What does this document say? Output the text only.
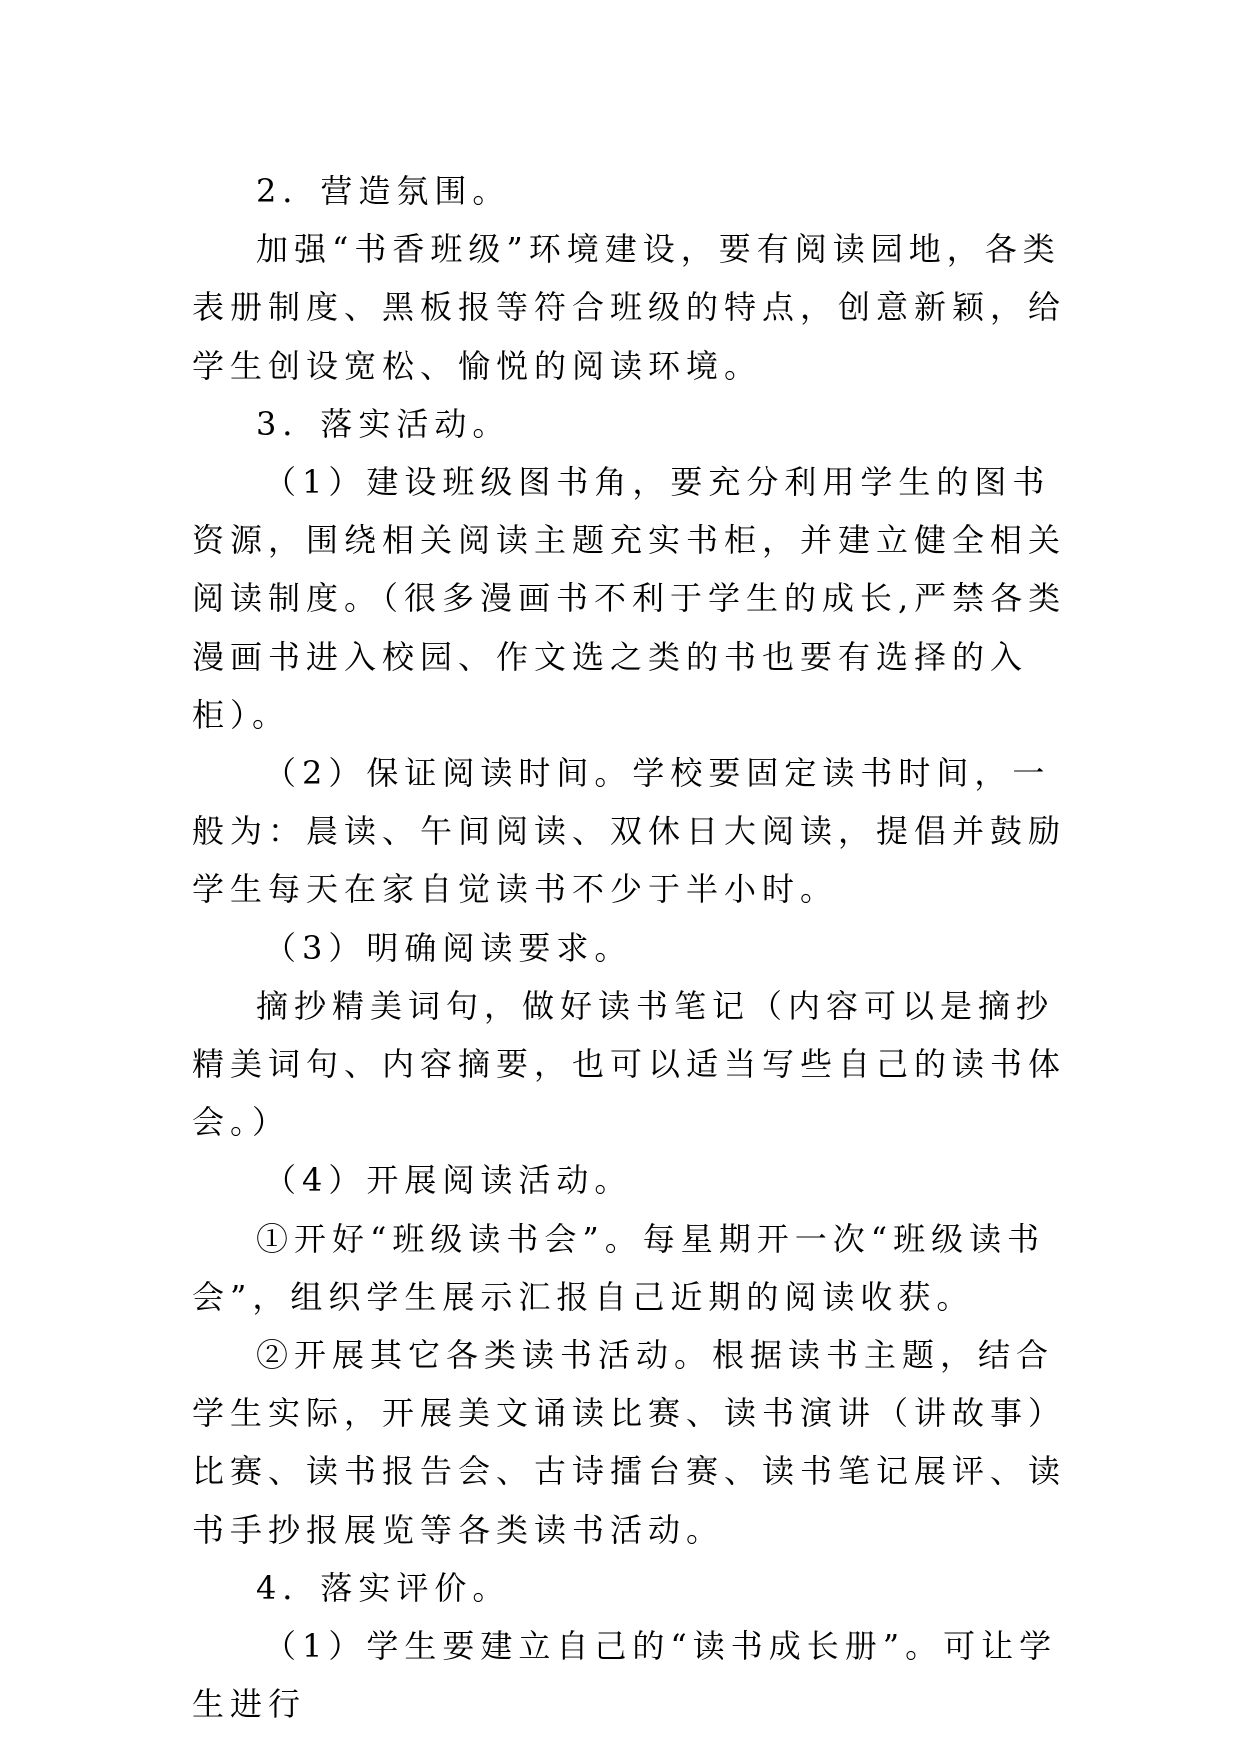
2．营造氛围。

加强“书香班级”环境建设，要有阅读园地，各类表册制度、黑板报等符合班级的特点，创意新颖，给学生创设宽松、愉悦的阅读环境。

3．落实活动。

（1）建设班级图书角，要充分利用学生的图书资源，围绕相关阅读主题充实书柜，并建立健全相关阅读制度。（很多漫画书不利于学生的成长,严禁各类漫画书进入校园、作文选之类的书也要有选择的入柜）。

（2）保证阅读时间。学校要固定读书时间，一般为：晨读、午间阅读、双休日大阅读，提倡并鼓励学生每天在家自觉读书不少于半小时。

（3）明确阅读要求。

摘抄精美词句，做好读书笔记（内容可以是摘抄精美词句、内容摘要，也可以适当写些自己的读书体会。）

（4）开展阅读活动。

①开好“班级读书会”。每星期开一次“班级读书会”，组织学生展示汇报自己近期的阅读收获。

②开展其它各类读书活动。根据读书主题，结合学生实际，开展美文诵读比赛、读书演讲（讲故事）比赛、读书报告会、古诗擂台赛、读书笔记展评、读书手抄报展览等各类读书活动。

4．落实评价。

（1）学生要建立自己的“读书成长册”。可让学生进行
